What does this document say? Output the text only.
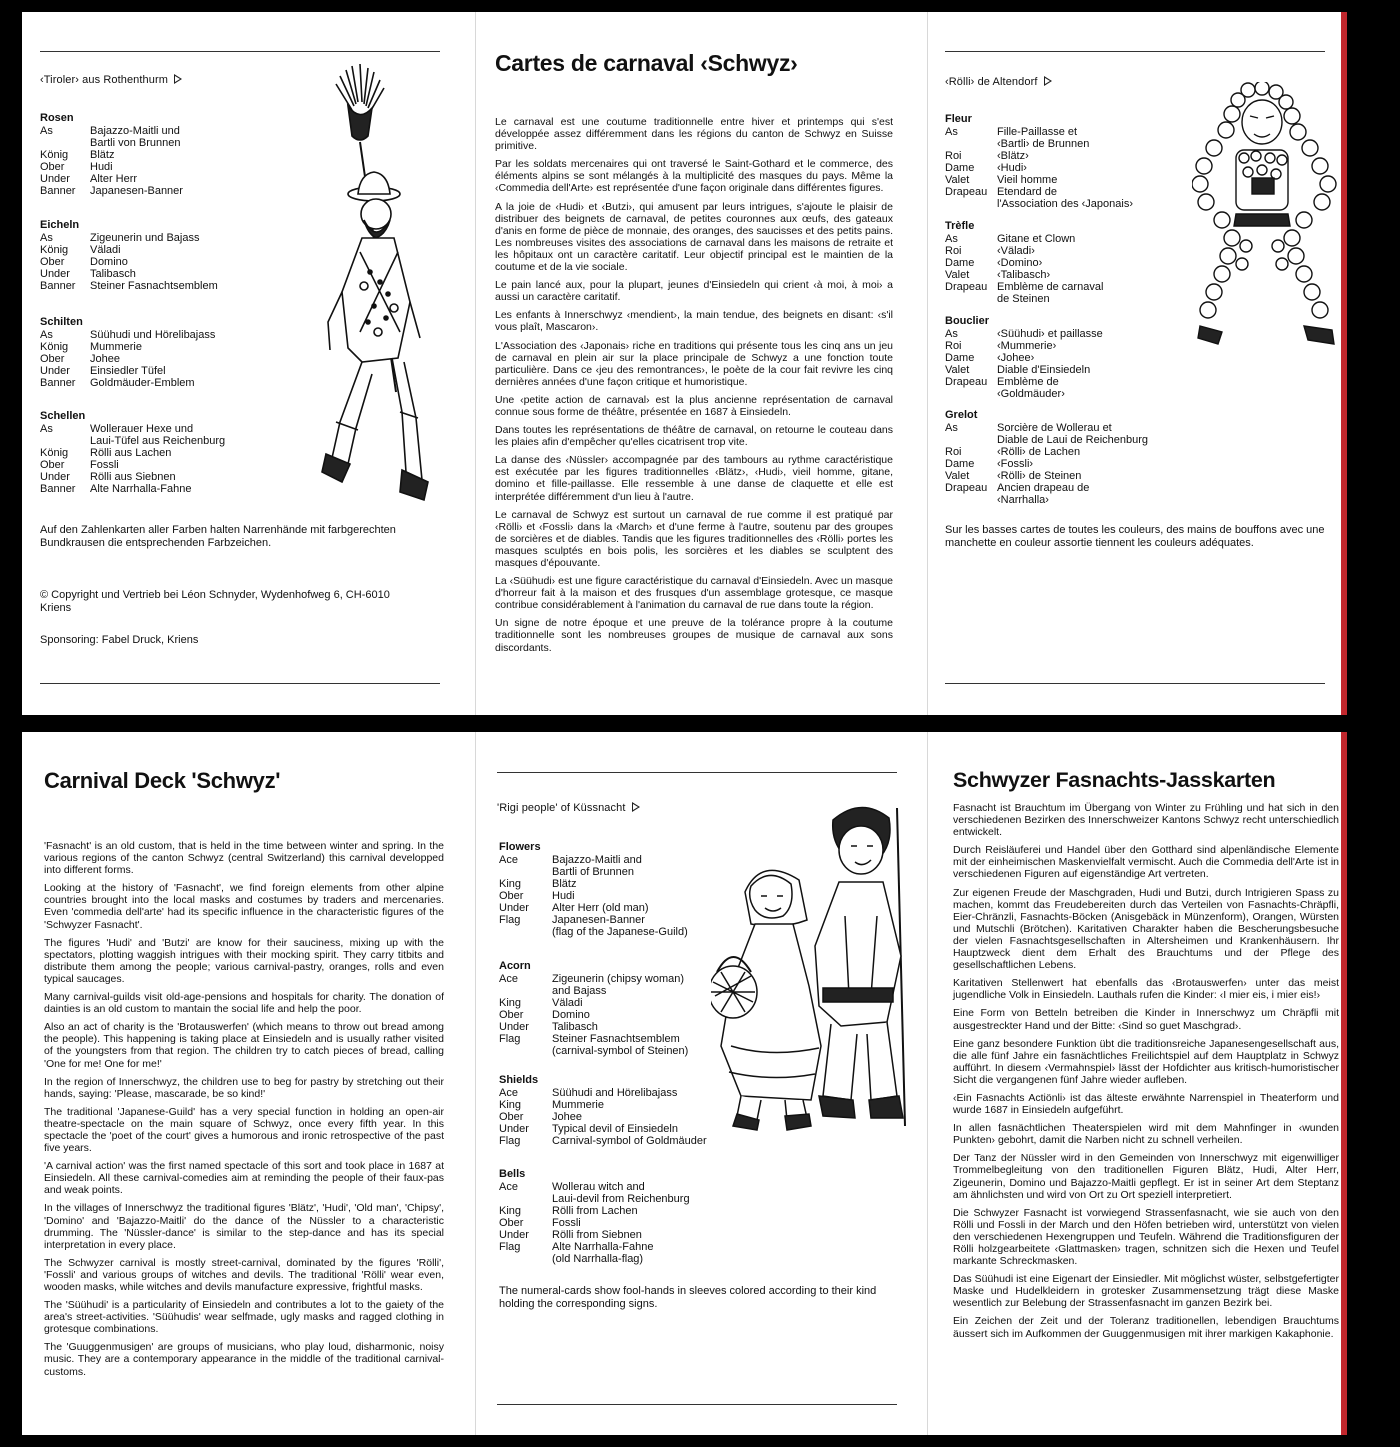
‹Tiroler› aus Rothenthurm
Rosen
As	Bajazzo-Maitli und
Bartli von Brunnen
König	Blätz
Ober	Hudi
Under	Alter Herr
Banner	Japanesen-Banner
Eicheln
As	Zigeunerin und Bajass
König	Väladi
Ober	Domino
Under	Talibasch
Banner	Steiner Fasnachtsemblem
Schilten
As	Süühudi und Hörelibajass
König	Mummerie
Ober	Johee
Under	Einsiedler Tüfel
Banner	Goldmäuder-Emblem
Schellen
As	Wollerauer Hexe und
Laui-Tüfel aus Reichenburg
König	Rölli aus Lachen
Ober	Fossli
Under	Rölli aus Siebnen
Banner	Alte Narrhalla-Fahne
Auf den Zahlenkarten aller Farben halten Narrenhände mit farbgerechten Bundkrausen die entsprechenden Farbzeichen.
© Copyright und Vertrieb bei Léon Schnyder, Wydenhofweg 6, CH-6010 Kriens
Sponsoring: Fabel Druck, Kriens
Cartes de carnaval ‹Schwyz›

Le carnaval est une coutume traditionnelle entre hiver et printemps qui s'est développée assez différemment dans les régions du canton de Schwyz en Suisse primitive.

Par les soldats mercenaires qui ont traversé le Saint-Gothard et le commerce, des éléments alpins se sont mélangés à la multiplicité des masques du pays. Même la ‹Commedia dell'Arte› est représentée d'une façon originale dans différentes figures.

A la joie de ‹Hudi› et ‹Butzi›, qui amusent par leurs intrigues, s'ajoute le plaisir de distribuer des beignets de carnaval, de petites couronnes aux œufs, des gateaux d'anis en forme de pièce de monnaie, des oranges, des saucisses et des petits pains. Les nombreuses visites des associations de carnaval dans les maisons de retraite et les hôpitaux ont un caractère caritatif. Leur objectif principal est le maintien de la coutume et de la vie sociale.

Le pain lancé aux, pour la plupart, jeunes d'Einsiedeln qui crient ‹à moi, à moi› a aussi un caractère caritatif.

Les enfants à Innerschwyz ‹mendient›, la main tendue, des beignets en disant: ‹s'il vous plaît, Mascaron›.

L'Association des ‹Japonais› riche en traditions qui présente tous les cinq ans un jeu de carnaval en plein air sur la place principale de Schwyz a une fonction toute particulière. Dans ce ‹jeu des remontrances›, le poète de la cour fait revivre les cinq dernières années d'une façon critique et humoristique.

Une ‹petite action de carnaval› est la plus ancienne représentation de carnaval connue sous forme de théâtre, présentée en 1687 à Einsiedeln.

Dans toutes les représentations de théâtre de carnaval, on retourne le couteau dans les plaies afin d'empêcher qu'elles cicatrisent trop vite.

La danse des ‹Nüssler› accompagnée par des tambours au rythme caractéristique est exécutée par les figures traditionnelles ‹Blätz›, ‹Hudi›, vieil homme, gitane, domino et fille-paillasse. Elle ressemble à une danse de claquette et elle est interprétée différemment d'un lieu à l'autre.

Le carnaval de Schwyz est surtout un carnaval de rue comme il est pratiqué par ‹Rölli› et ‹Fossli› dans la ‹March› et d'une ferme à l'autre, soutenu par des groupes de sorcières et de diables. Tandis que les figures traditionnelles des ‹Rölli› portes les masques sculptés en bois polis, les sorcières et les diables se sculptent des masques d'épouvante.

La ‹Süühudi› est une figure caractéristique du carnaval d'Einsiedeln. Avec un masque d'horreur fait à la maison et des frusques d'un assemblage grotesque, ce masque contribue considérablement à l'animation du carnaval de rue dans toute la région.

Un signe de notre époque et une preuve de la tolérance propre à la coutume traditionnelle sont les nombreuses groupes de musique de carnaval aux sons discordants.

‹Rölli› de Altendorf
Fleur
As	Fille-Paillasse et
‹Bartli› de Brunnen
Roi	‹Blätz›
Dame	‹Hudi›
Valet	Vieil homme
Drapeau Etendard de
l'Association des ‹Japonais›
Trèfle
As	Gitane et Clown
Roi	‹Väladi›
Dame	‹Domino›
Valet	‹Talibasch›
Drapeau Emblème de carnaval
de Steinen
Bouclier
As	‹Süühudi› et paillasse
Roi	‹Mummerie›
Dame	‹Johee›
Valet	Diable d'Einsiedeln
Drapeau Emblème de
‹Goldmäuder›
Grelot
As	Sorcière de Wollerau et
Diable de Laui de Reichenburg
Roi	‹Rölli› de Lachen
Dame	‹Fossli›
Valet	‹Rölli› de Steinen
Drapeau Ancien drapeau de
‹Narrhalla›
Sur les basses cartes de toutes les couleurs, des mains de bouffons avec une manchette en couleur assortie tiennent les couleurs adéquates.
Carnival Deck 'Schwyz'

'Fasnacht' is an old custom, that is held in the time between winter and spring. In the various regions of the canton Schwyz (central Switzerland) this carnival developped into different forms.

Looking at the history of 'Fasnacht', we find foreign elements from other alpine countries brought into the local masks and costumes by traders and mercenaries. Even 'commedia dell'arte' had its specific influence in the characteristic figures of the 'Schwyzer Fasnacht'.

The figures 'Hudi' and 'Butzi' are know for their sauciness, mixing up with the spectators, plotting waggish intrigues with their mocking spirit. They carry titbits and distribute them among the people; various carnival-pastry, oranges, rolls and even typical saucages.

Many carnival-guilds visit old-age-pensions and hospitals for charity. The donation of dainties is an old custom to mantain the social life and help the poor.

Also an act of charity is the 'Brotauswerfen' (which means to throw out bread among the people). This happening is taking place at Einsiedeln and is usually rather visited of the youngsters from that region. The children try to catch pieces of bread, calling 'One for me! One for me!'

In the region of Innerschwyz, the children use to beg for pastry by stretching out their hands, saying: 'Please, mascarade, be so kind!'

The traditional 'Japanese-Guild' has a very special function in holding an open-air theatre-spectacle on the main square of Schwyz, once every fifth year. In this spectacle the 'poet of the court' gives a humorous and ironic retrospective of the past five years.

'A carnival action' was the first named spectacle of this sort and took place in 1687 at Einsiedeln. All these carnival-comedies aim at reminding the people of their faux-pas and weak points.

In the villages of Innerschwyz the traditional figures 'Blätz', 'Hudi', 'Old man', 'Chipsy', 'Domino' and 'Bajazzo-Maitli' do the dance of the Nüssler to a characteristic drumming. The 'Nüssler-dance' is similar to the step-dance and has its special interpretation in every place.

The Schwyzer carnival is mostly street-carnival, dominated by the figures 'Rölli', 'Fossli' and various groups of witches and devils. The traditional 'Rölli' wear even, wooden masks, while witches and devils manufacture expressive, frightful masks.

The 'Süühudi' is a particularity of Einsiedeln and contributes a lot to the gaiety of the area's street-activities. 'Süühudis' wear selfmade, ugly masks and ragged clothing in grotesque combinations.

The 'Guuggenmusigen' are groups of musicians, who play loud, disharmonic, noisy music. They are a contemporary appearance in the middle of the traditional carnival-customs.

'Rigi people' of Küssnacht
Flowers
Ace	Bajazzo-Maitli and
Bartli of Brunnen
King	Blätz
Ober	Hudi
Under	Alter Herr (old man)
Flag	Japanesen-Banner
(flag of the Japanese-Guild)
Acorn
Ace	Zigeunerin (chipsy woman)
and Bajass
King	Väladi
Ober	Domino
Under	Talibasch
Flag	Steiner Fasnachtsemblem
(carnival-symbol of Steinen)
Shields
Ace	Süühudi and Hörelibajass
King	Mummerie
Ober	Johee
Under	Typical devil of Einsiedeln
Flag	Carnival-symbol of Goldmäuder
Bells
Ace	Wollerau witch and
Laui-devil from Reichenburg
King	Rölli from Lachen
Ober	Fossli
Under	Rölli from Siebnen
Flag	Alte Narrhalla-Fahne
(old Narrhalla-flag)
The numeral-cards show fool-hands in sleeves colored according to their kind holding the corresponding signs.
Schwyzer Fasnachts-Jasskarten

Fasnacht ist Brauchtum im Übergang von Winter zu Frühling und hat sich in den verschiedenen Bezirken des Innerschweizer Kantons Schwyz recht unterschiedlich entwickelt.

Durch Reisläuferei und Handel über den Gotthard sind alpenländische Elemente mit der einheimischen Maskenvielfalt vermischt. Auch die Commedia dell'Arte ist in verschiedenen Figuren auf eigenständige Art vertreten.

Zur eigenen Freude der Maschgraden, Hudi und Butzi, durch Intrigieren Spass zu machen, kommt das Freudebereiten durch das Verteilen von Fasnachts-Chräpfli, Eier-Chränzli, Fasnachts-Böcken (Anisgebäck in Münzenform), Orangen, Würsten und Mutschli (Brötchen). Karitativen Charakter haben die Bescherungsbesuche der vielen Fasnachtsgesellschaften in Altersheimen und Krankenhäusern. Ihr Hauptzweck dient dem Erhalt des Brauchtums und der Pflege des gesellschaftlichen Lebens.

Karitativen Stellenwert hat ebenfalls das ‹Brotauswerfen› unter das meist jugendliche Volk in Einsiedeln. Lauthals rufen die Kinder: ‹I mier eis, i mier eis!›

Eine Form von Betteln betreiben die Kinder in Innerschwyz um Chräpfli mit ausgestreckter Hand und der Bitte: ‹Sind so guet Maschgrad›.

Eine ganz besondere Funktion übt die traditionsreiche Japanesengesellschaft aus, die alle fünf Jahre ein fasnächtliches Freilichtspiel auf dem Hauptplatz in Schwyz aufführt. In diesem ‹Vermahnspiel› lässt der Hofdichter aus kritisch-humoristischer Sicht die vergangenen fünf Jahre wieder aufleben.

‹Ein Fasnachts Actiönli› ist das älteste erwähnte Narrenspiel in Theaterform und wurde 1687 in Einsiedeln aufgeführt.

In allen fasnächtlichen Theaterspielen wird mit dem Mahnfinger in ‹wunden Punkten› gebohrt, damit die Narben nicht zu schnell verheilen.

Der Tanz der Nüssler wird in den Gemeinden von Innerschwyz mit eigenwilliger Trommelbegleitung von den traditionellen Figuren Blätz, Hudi, Alter Herr, Zigeunerin, Domino und Bajazzo-Maitli gepflegt. Er ist in seiner Art dem Steptanz am ähnlichsten und wird von Ort zu Ort speziell interpretiert.

Die Schwyzer Fasnacht ist vorwiegend Strassenfasnacht, wie sie auch von den Rölli und Fossli in der March und den Höfen betrieben wird, unterstützt von vielen den verschiedenen Hexengruppen und Teufeln. Während die Traditionsfiguren der Rölli holzgearbeitete ‹Glattmasken› tragen, schnitzen sich die Hexen und Teufel markante Schreckmasken.

Das Süühudi ist eine Eigenart der Einsiedler. Mit möglichst wüster, selbstgefertigter Maske und Hudelkleidern in grotesker Zusammensetzung trägt diese Maske wesentlich zur Belebung der Strassenfasnacht im ganzen Bezirk bei.

Ein Zeichen der Zeit und der Toleranz traditionellen, lebendigen Brauchtums äussert sich im Aufkommen der Guuggenmusigen mit ihrer markigen Kakaphonie.
